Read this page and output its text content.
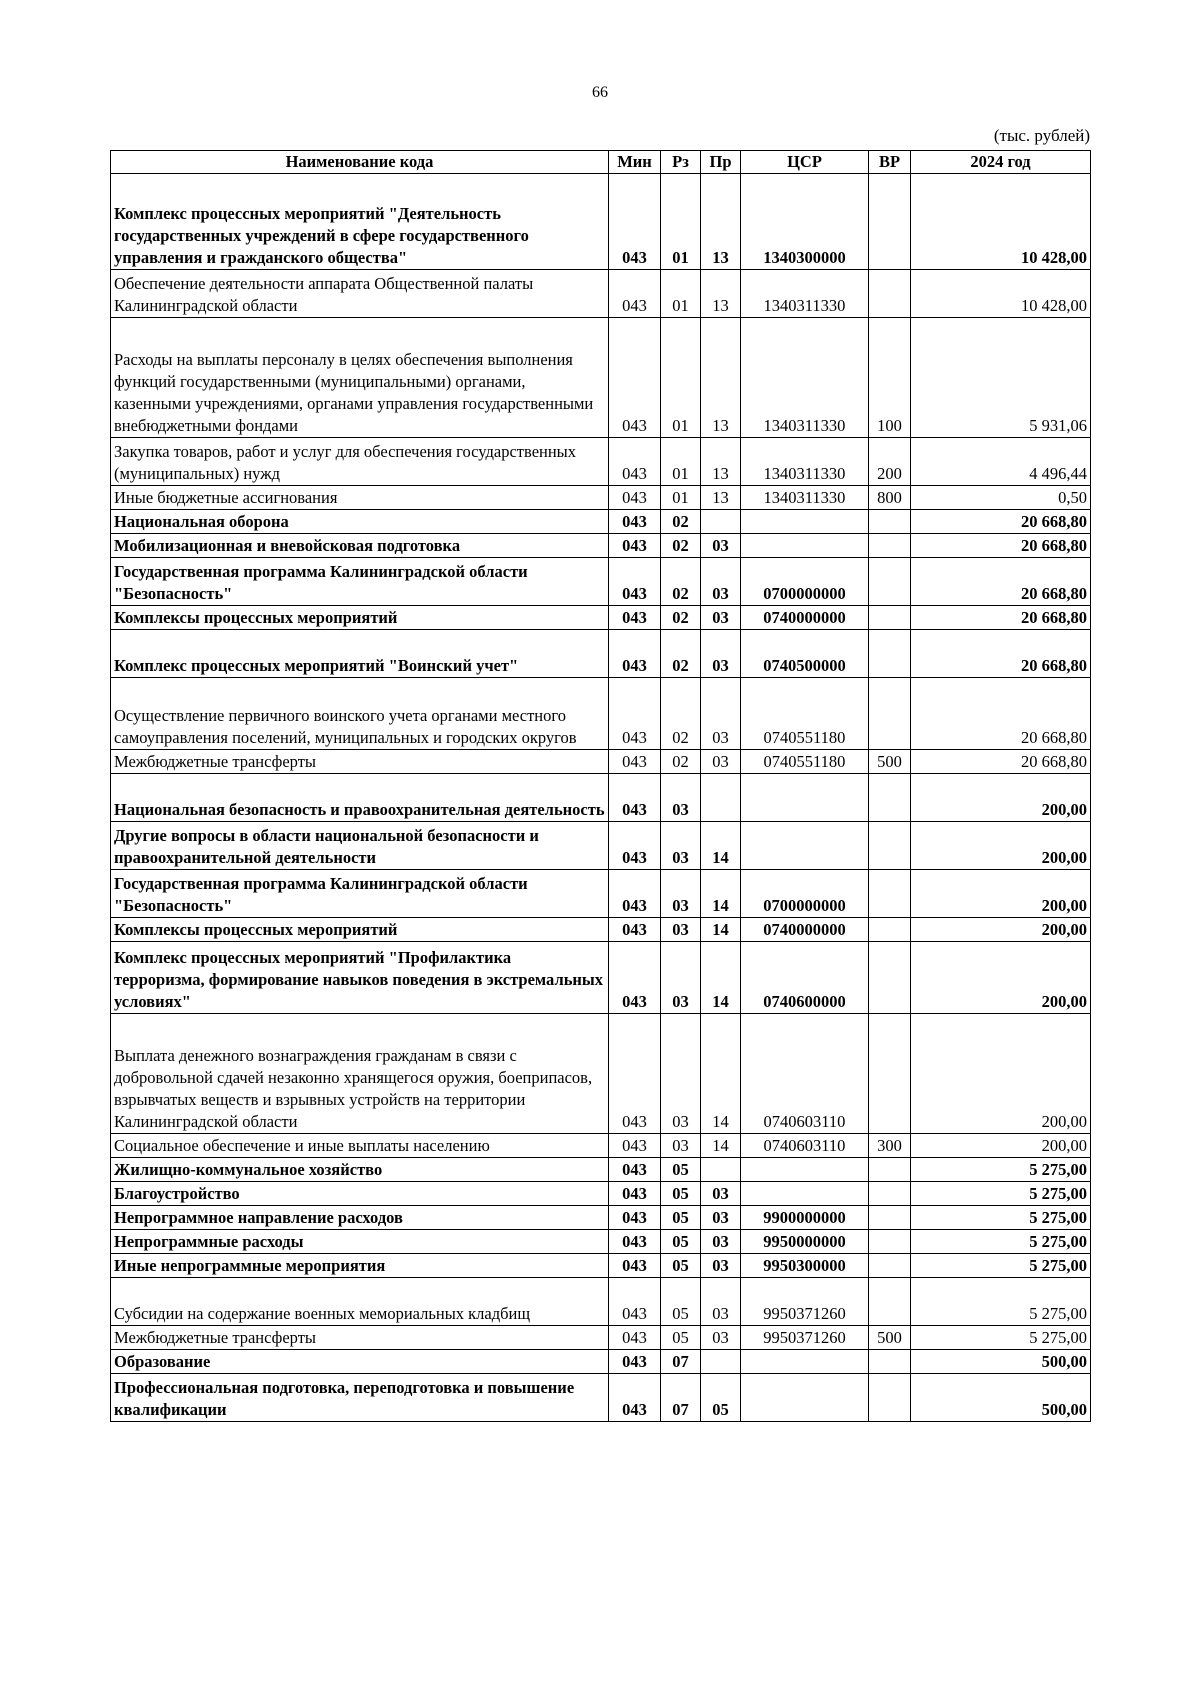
66
(тыс. рублей)
Наименование кода	Мин	Рз	Пр	ЦСР	ВР	2024 год
Комплекс процессных мероприятий "Деятельность государственных учреждений в сфере государственного управления и гражданского общества"	043	01	13	1340300000		10 428,00
Обеспечение деятельности аппарата Общественной палаты Калининградской области	043	01	13	1340311330		10 428,00
Расходы на выплаты персоналу в целях обеспечения выполнения функций государственными (муниципальными) органами, казенными учреждениями, органами управления государственными внебюджетными фондами	043	01	13	1340311330	100	5 931,06
Закупка товаров, работ и услуг для обеспечения государственных (муниципальных) нужд	043	01	13	1340311330	200	4 496,44
Иные бюджетные ассигнования	043	01	13	1340311330	800	0,50
Национальная оборона	043	02				20 668,80
Мобилизационная и вневойсковая подготовка	043	02	03			20 668,80
Государственная программа Калининградской области "Безопасность"	043	02	03	0700000000		20 668,80
Комплексы процессных мероприятий	043	02	03	0740000000		20 668,80
Комплекс процессных мероприятий "Воинский учет"	043	02	03	0740500000		20 668,80
Осуществление первичного воинского учета органами местного самоуправления поселений, муниципальных и городских округов	043	02	03	0740551180		20 668,80
Межбюджетные трансферты	043	02	03	0740551180	500	20 668,80
Национальная безопасность и правоохранительная деятельность	043	03				200,00
Другие вопросы в области национальной безопасности и правоохранительной деятельности	043	03	14			200,00
Государственная программа Калининградской области "Безопасность"	043	03	14	0700000000		200,00
Комплексы процессных мероприятий	043	03	14	0740000000		200,00
Комплекс процессных мероприятий "Профилактика терроризма, формирование навыков поведения в экстремальных условиях"	043	03	14	0740600000		200,00
Выплата денежного вознаграждения гражданам в связи с добровольной сдачей незаконно хранящегося оружия, боеприпасов, взрывчатых веществ и взрывных устройств на территории Калининградской области	043	03	14	0740603110		200,00
Социальное обеспечение и иные выплаты населению	043	03	14	0740603110	300	200,00
Жилищно-коммунальное хозяйство	043	05				5 275,00
Благоустройство	043	05	03			5 275,00
Непрограммное направление расходов	043	05	03	9900000000		5 275,00
Непрограммные расходы	043	05	03	9950000000		5 275,00
Иные непрограммные мероприятия	043	05	03	9950300000		5 275,00
Субсидии на содержание военных мемориальных кладбищ	043	05	03	9950371260		5 275,00
Межбюджетные трансферты	043	05	03	9950371260	500	5 275,00
Образование	043	07				500,00
Профессиональная подготовка, переподготовка и повышение квалификации	043	07	05			500,00
